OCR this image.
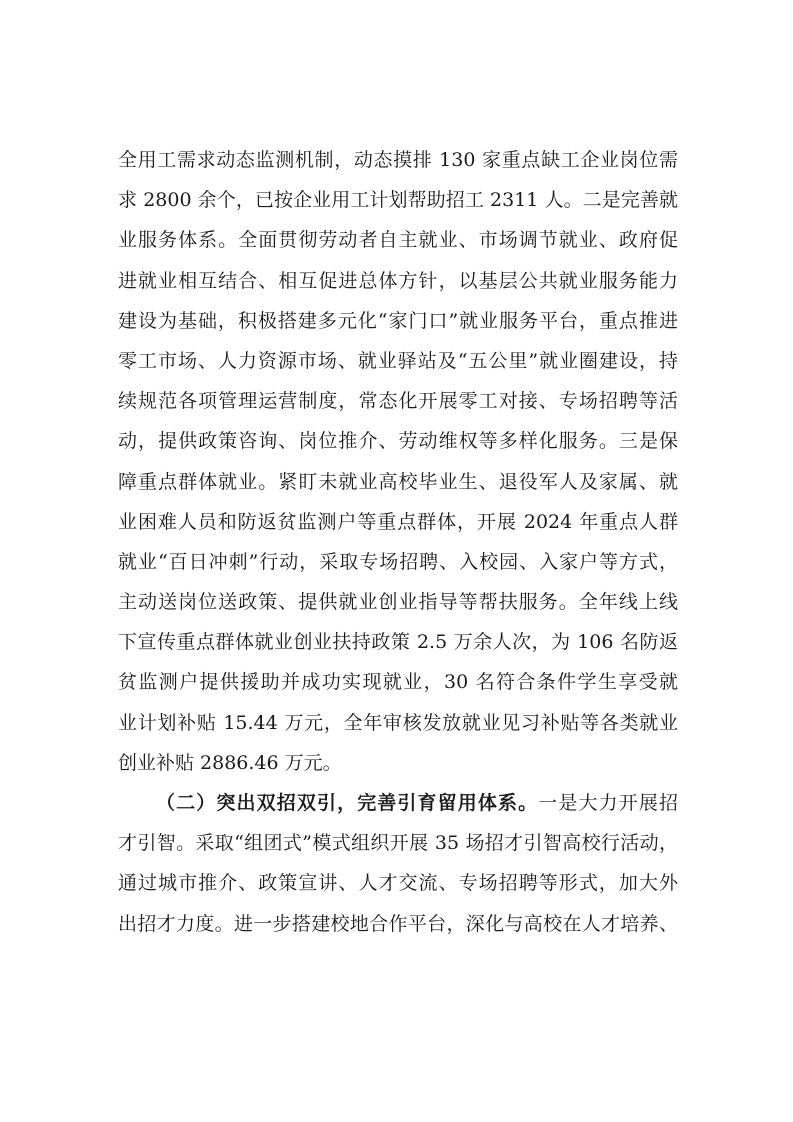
全用工需求动态监测机制，动态摸排 130 家重点缺工企业岗位需
求 2800 余个，已按企业用工计划帮助招工 2311 人。二是完善就
业服务体系。全面贯彻劳动者自主就业、市场调节就业、政府促
进就业相互结合、相互促进总体方针，以基层公共就业服务能力
建设为基础，积极搭建多元化“家门口”就业服务平台，重点推进
零工市场、人力资源市场、就业驿站及“五公里”就业圈建设，持
续规范各项管理运营制度，常态化开展零工对接、专场招聘等活
动，提供政策咨询、岗位推介、劳动维权等多样化服务。三是保
障重点群体就业。紧盯未就业高校毕业生、退役军人及家属、就
业困难人员和防返贫监测户等重点群体，开展 2024 年重点人群
就业“百日冲刺”行动，采取专场招聘、入校园、入家户等方式，
主动送岗位送政策、提供就业创业指导等帮扶服务。全年线上线
下宣传重点群体就业创业扶持政策 2.5 万余人次，为 106 名防返
贫监测户提供援助并成功实现就业，30 名符合条件学生享受就
业计划补贴 15.44 万元，全年审核发放就业见习补贴等各类就业
创业补贴 2886.46 万元。
（二）突出双招双引，完善引育留用体系。一是大力开展招
才引智。采取“组团式”模式组织开展 35 场招才引智高校行活动，
通过城市推介、政策宣讲、人才交流、专场招聘等形式，加大外
出招才力度。进一步搭建校地合作平台，深化与高校在人才培养、
